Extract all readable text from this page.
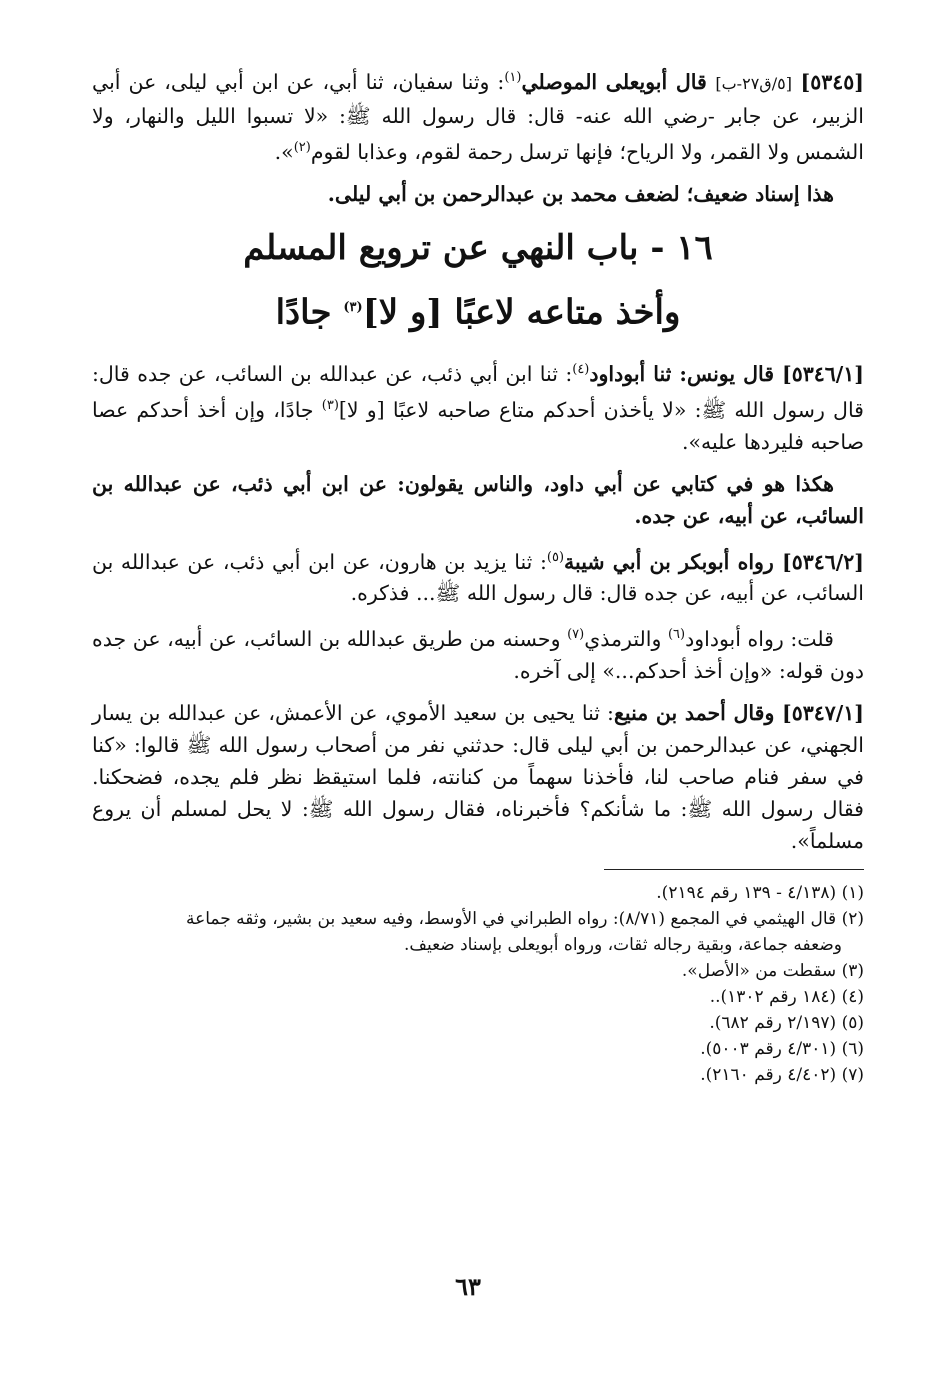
[٥٣٤٥] [٥/ق٢٧-ب] قال أبويعلى الموصلي$^{(١)}$: وثنا سفيان، ثنا أبي، عن ابن أبي ليلى، عن أبي الزبير، عن جابر -رضي الله عنه- قال: قال رسول الله ﷺ: «لا تسبوا الليل والنهار، ولا الشمس ولا القمر، ولا الرياح؛ فإنها ترسل رحمة لقوم، وعذابا لقوم$^{(٢)}$».

هذا إسناد ضعيف؛ لضعف محمد بن عبدالرحمن بن أبي ليلى.

١٦ - باب النهي عن ترويع المسلم
وأخذ متاعه لاعبًا [و لا]$^{(٣)}$ جادًا

[٥٣٤٦/١] قال يونس: ثنا أبوداود$^{(٤)}$: ثنا ابن أبي ذئب، عن عبدالله بن السائب، عن جده قال: قال رسول الله ﷺ: «لا يأخذن أحدكم متاع صاحبه لاعبًا [و لا]$^{(٣)}$ جادًا، وإن أخذ أحدكم عصا صاحبه فليردها عليه».

هكذا هو في كتابي عن أبي داود، والناس يقولون: عن ابن أبي ذئب، عن عبدالله بن السائب، عن أبيه، عن جده.

[٥٣٤٦/٢] رواه أبوبكر بن أبي شيبة$^{(٥)}$: ثنا يزيد بن هارون، عن ابن أبي ذئب، عن عبدالله بن السائب، عن أبيه، عن جده قال: قال رسول الله ﷺ... فذكره.

قلت: رواه أبوداود$^{(٦)}$ والترمذي$^{(٧)}$ وحسنه من طريق عبدالله بن السائب، عن أبيه، عن جده دون قوله: «وإن أخذ أحدكم...» إلى آخره.

[٥٣٤٧/١] وقال أحمد بن منيع: ثنا يحيى بن سعيد الأموي، عن الأعمش، عن عبدالله بن يسار الجهني، عن عبدالرحمن بن أبي ليلى قال: حدثني نفر من أصحاب رسول الله ﷺ قالوا: «كنا في سفر فنام صاحب لنا، فأخذنا سهماً من كنانته، فلما استيقظ نظر فلم يجده، فضحكنا. فقال رسول الله ﷺ: ما شأنكم؟ فأخبرناه، فقال رسول الله ﷺ: لا يحل لمسلم أن يروع مسلماً».

(١) (٤/١٣٨ - ١٣٩ رقم ٢١٩٤).

(٢) قال الهيثمي في المجمع (٨/٧١): رواه الطبراني في الأوسط، وفيه سعيد بن بشير، وثقه جماعة

وضعفه جماعة، وبقية رجاله ثقات، ورواه أبويعلى بإسناد ضعيف.

(٣) سقطت من «الأصل».

(٤) (١٨٤ رقم ١٣٠٢)..

(٥) (٢/١٩٧ رقم ٦٨٢).

(٦) (٤/٣٠١ رقم ٥٠٠٣).

(٧) (٤/٤٠٢ رقم ٢١٦٠).

٦٣
